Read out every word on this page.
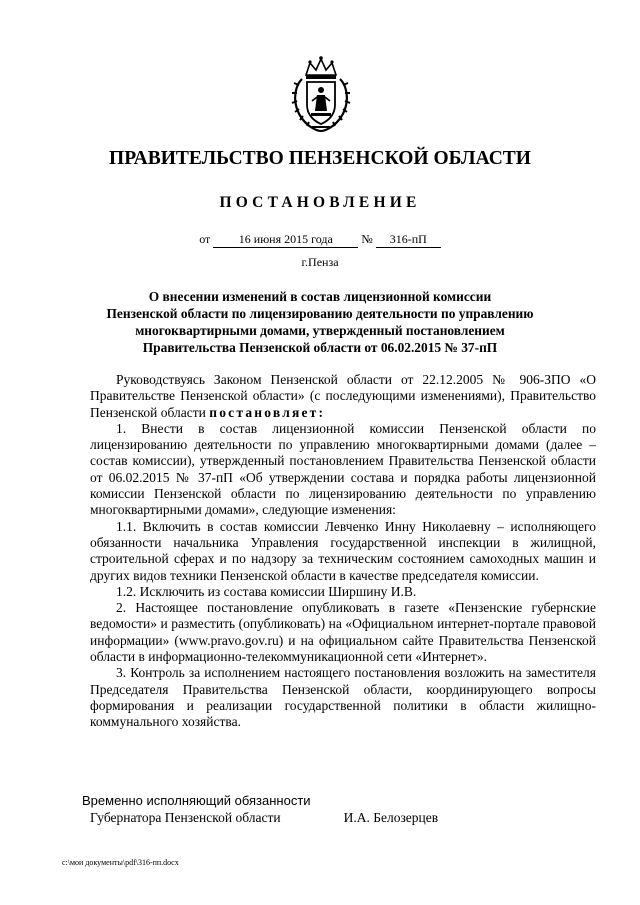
ПРАВИТЕЛЬСТВО ПЕНЗЕНСКОЙ ОБЛАСТИ
ПОСТАНОВЛЕНИЕ
от 16 июня 2015 года № 316-пП
г.Пенза
О внесении изменений в состав лицензионной комиссии
Пензенской области по лицензированию деятельности по управлению
многоквартирными домами, утвержденный постановлением
Правительства Пензенской области от 06.02.2015 № 37-пП

Руководствуясь Законом Пензенской области от 22.12.2005 № 906-ЗПО «О Правительстве Пензенской области» (с последующими изменениями), Правительство Пензенской области постановляет:

1. Внести в состав лицензионной комиссии Пензенской области по лицензированию деятельности по управлению многоквартирными домами (далее – состав комиссии), утвержденный постановлением Правительства Пензенской области от 06.02.2015 № 37-пП «Об утверждении состава и порядка работы лицензионной комиссии Пензенской области по лицензированию деятельности по управлению многоквартирными домами», следующие изменения:

1.1. Включить в состав комиссии Левченко Инну Николаевну – исполняющего обязанности начальника Управления государственной инспекции в жилищной, строительной сферах и по надзору за техническим состоянием самоходных машин и других видов техники Пензенской области в качестве председателя комиссии.

1.2. Исключить из состава комиссии Ширшину И.В.

2. Настоящее постановление опубликовать в газете «Пензенские губернские ведомости» и разместить (опубликовать) на «Официальном интернет-портале правовой информации» (www.pravo.gov.ru) и на официальном сайте Правительства Пензенской области в информационно-телекоммуникационной сети «Интернет».

3. Контроль за исполнением настоящего постановления возложить на заместителя Председателя Правительства Пензенской области, координирующего вопросы формирования и реализации государственной политики в области жилищно-коммунального хозяйства.

Временно исполняющий обязанности
Губернатора Пензенской области	И.А. Белозерцев
c:\мои документы\pdf\316-пп.docx
